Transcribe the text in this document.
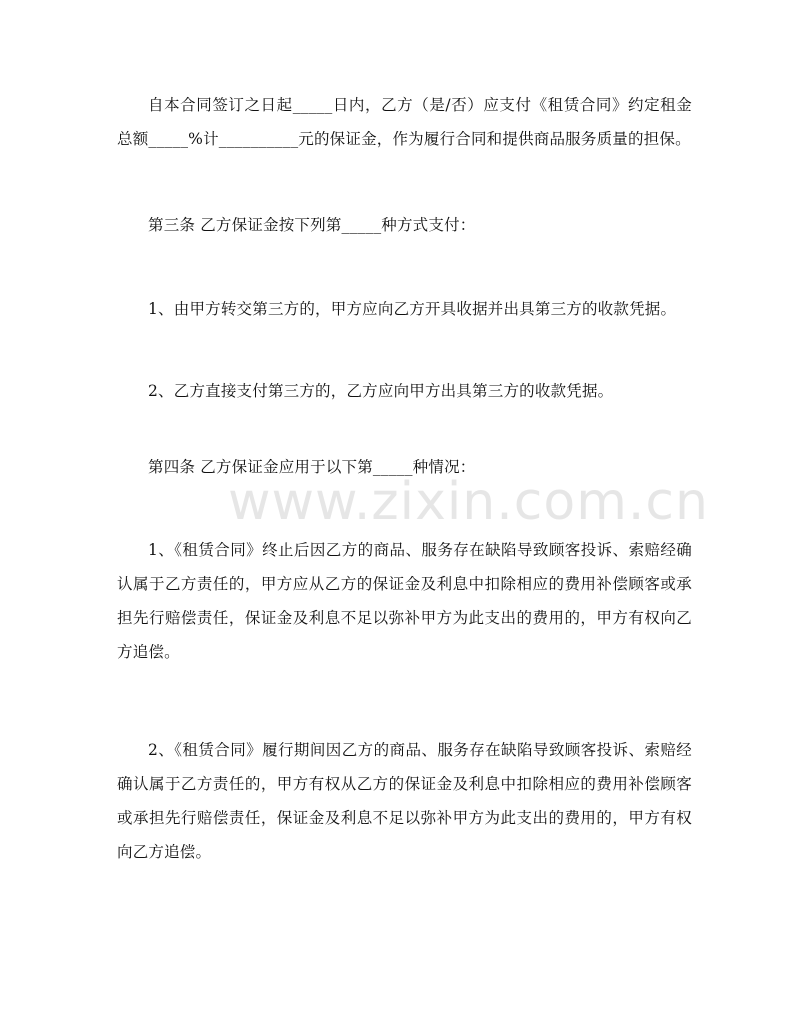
www.zixin.com.cn

自本合同签订之日起_____日内，乙方（是/否）应支付《租赁合同》约定租金总额_____%计__________元的保证金，作为履行合同和提供商品服务质量的担保。

第三条 乙方保证金按下列第_____种方式支付：

1、由甲方转交第三方的，甲方应向乙方开具收据并出具第三方的收款凭据。

2、乙方直接支付第三方的，乙方应向甲方出具第三方的收款凭据。

第四条 乙方保证金应用于以下第_____种情况：

1、《租赁合同》终止后因乙方的商品、服务存在缺陷导致顾客投诉、索赔经确认属于乙方责任的，甲方应从乙方的保证金及利息中扣除相应的费用补偿顾客或承担先行赔偿责任，保证金及利息不足以弥补甲方为此支出的费用的，甲方有权向乙方追偿。

2、《租赁合同》履行期间因乙方的商品、服务存在缺陷导致顾客投诉、索赔经确认属于乙方责任的，甲方有权从乙方的保证金及利息中扣除相应的费用补偿顾客或承担先行赔偿责任，保证金及利息不足以弥补甲方为此支出的费用的，甲方有权向乙方追偿。
